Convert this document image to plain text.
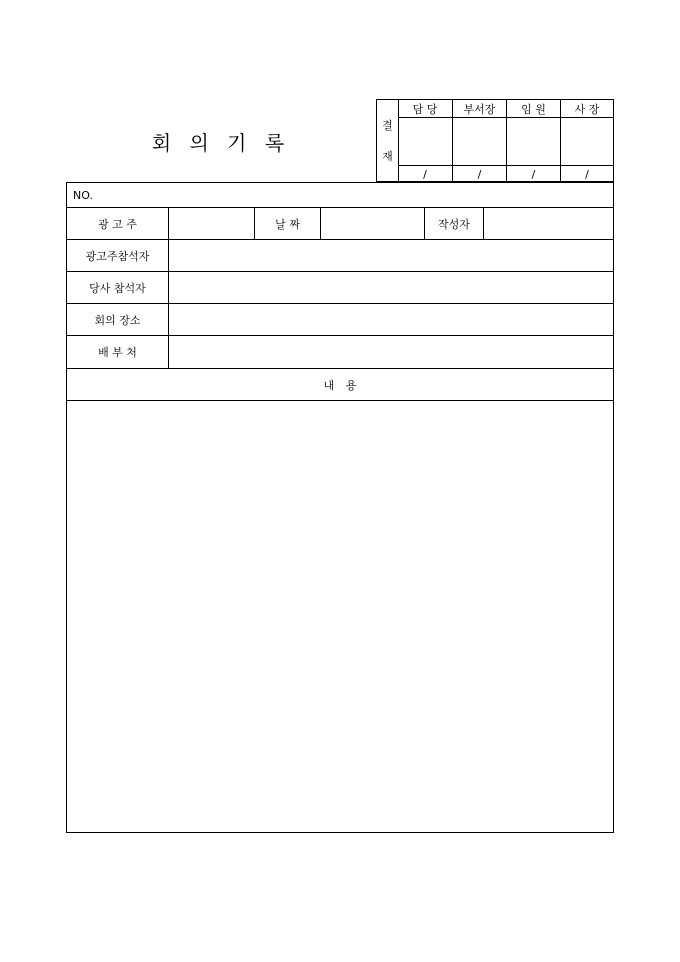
회 의 기 록
결
재
담 당
/
부서장
/
임 원
/
사 장
/
NO.
광 고 주	날 짜	작성자
광고주참석자
당사 참석자
회의 장소
배 부 처
내 용
